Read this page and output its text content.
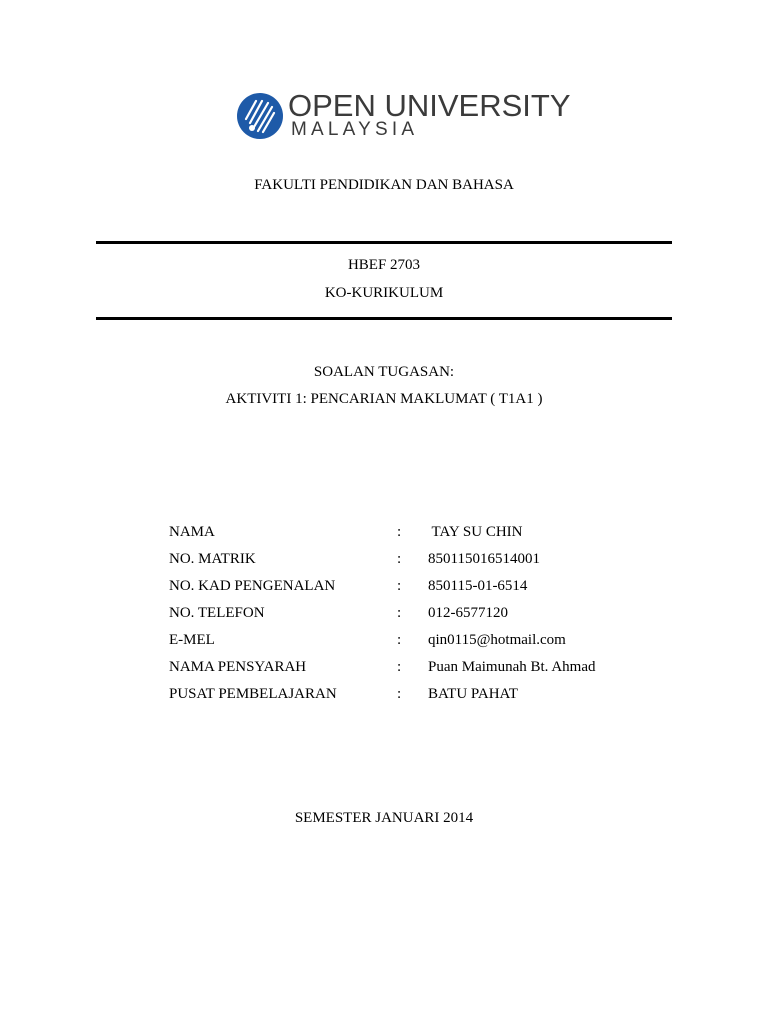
OPEN UNIVERSITY
MALAYSIA
FAKULTI PENDIDIKAN DAN BAHASA
HBEF 2703
KO-KURIKULUM
SOALAN TUGASAN:
AKTIVITI 1: PENCARIAN MAKLUMAT ( T1A1 )
NAMA	: TAY SU CHIN
NO. MATRIK	: 850115016514001
NO. KAD PENGENALAN	: 850115-01-6514
NO. TELEFON	: 012-6577120
E-MEL	: qin0115@hotmail.com
NAMA PENSYARAH	: Puan Maimunah Bt. Ahmad
PUSAT PEMBELAJARAN	: BATU PAHAT
SEMESTER JANUARI 2014
